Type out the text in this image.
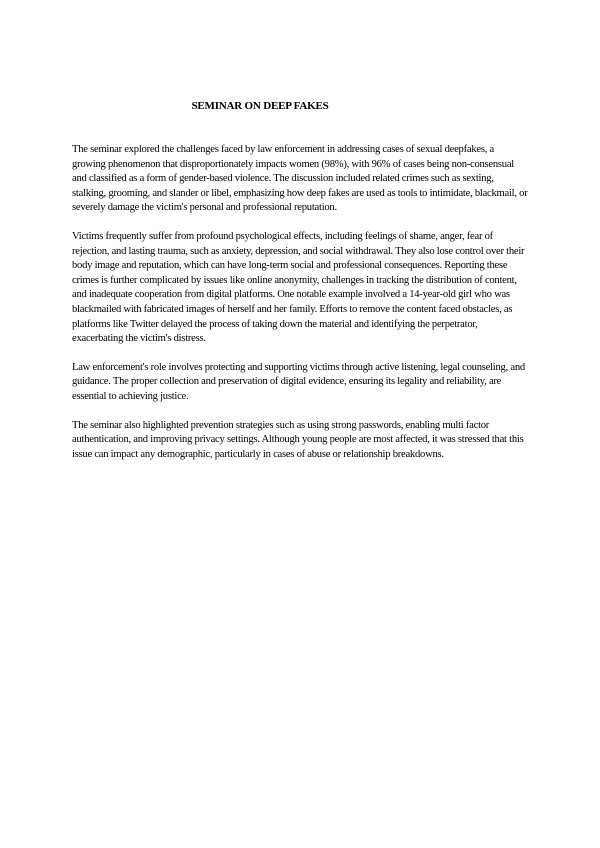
SEMINAR ON DEEP FAKES

The seminar explored the challenges faced by law enforcement in addressing cases of sexual deepfakes, a growing phenomenon that disproportionately impacts women (98%), with 96% of cases being non-consensual and classified as a form of gender-based violence. The discussion included related crimes such as sexting, stalking, grooming, and slander or libel, emphasizing how deep fakes are used as tools to intimidate, blackmail, or severely damage the victim's personal and professional reputation.

Victims frequently suffer from profound psychological effects, including feelings of shame, anger, fear of rejection, and lasting trauma, such as anxiety, depression, and social withdrawal. They also lose control over their body image and reputation, which can have long-term social and professional consequences. Reporting these crimes is further complicated by issues like online anonymity, challenges in tracking the distribution of content, and inadequate cooperation from digital platforms. One notable example involved a 14-year-old girl who was blackmailed with fabricated images of herself and her family. Efforts to remove the content faced obstacles, as platforms like Twitter delayed the process of taking down the material and identifying the perpetrator, exacerbating the victim's distress.

Law enforcement's role involves protecting and supporting victims through active listening, legal counseling, and guidance. The proper collection and preservation of digital evidence, ensuring its legality and reliability, are essential to achieving justice.

The seminar also highlighted prevention strategies such as using strong passwords, enabling multi factor authentication, and improving privacy settings. Although young people are most affected, it was stressed that this issue can impact any demographic, particularly in cases of abuse or relationship breakdowns.
